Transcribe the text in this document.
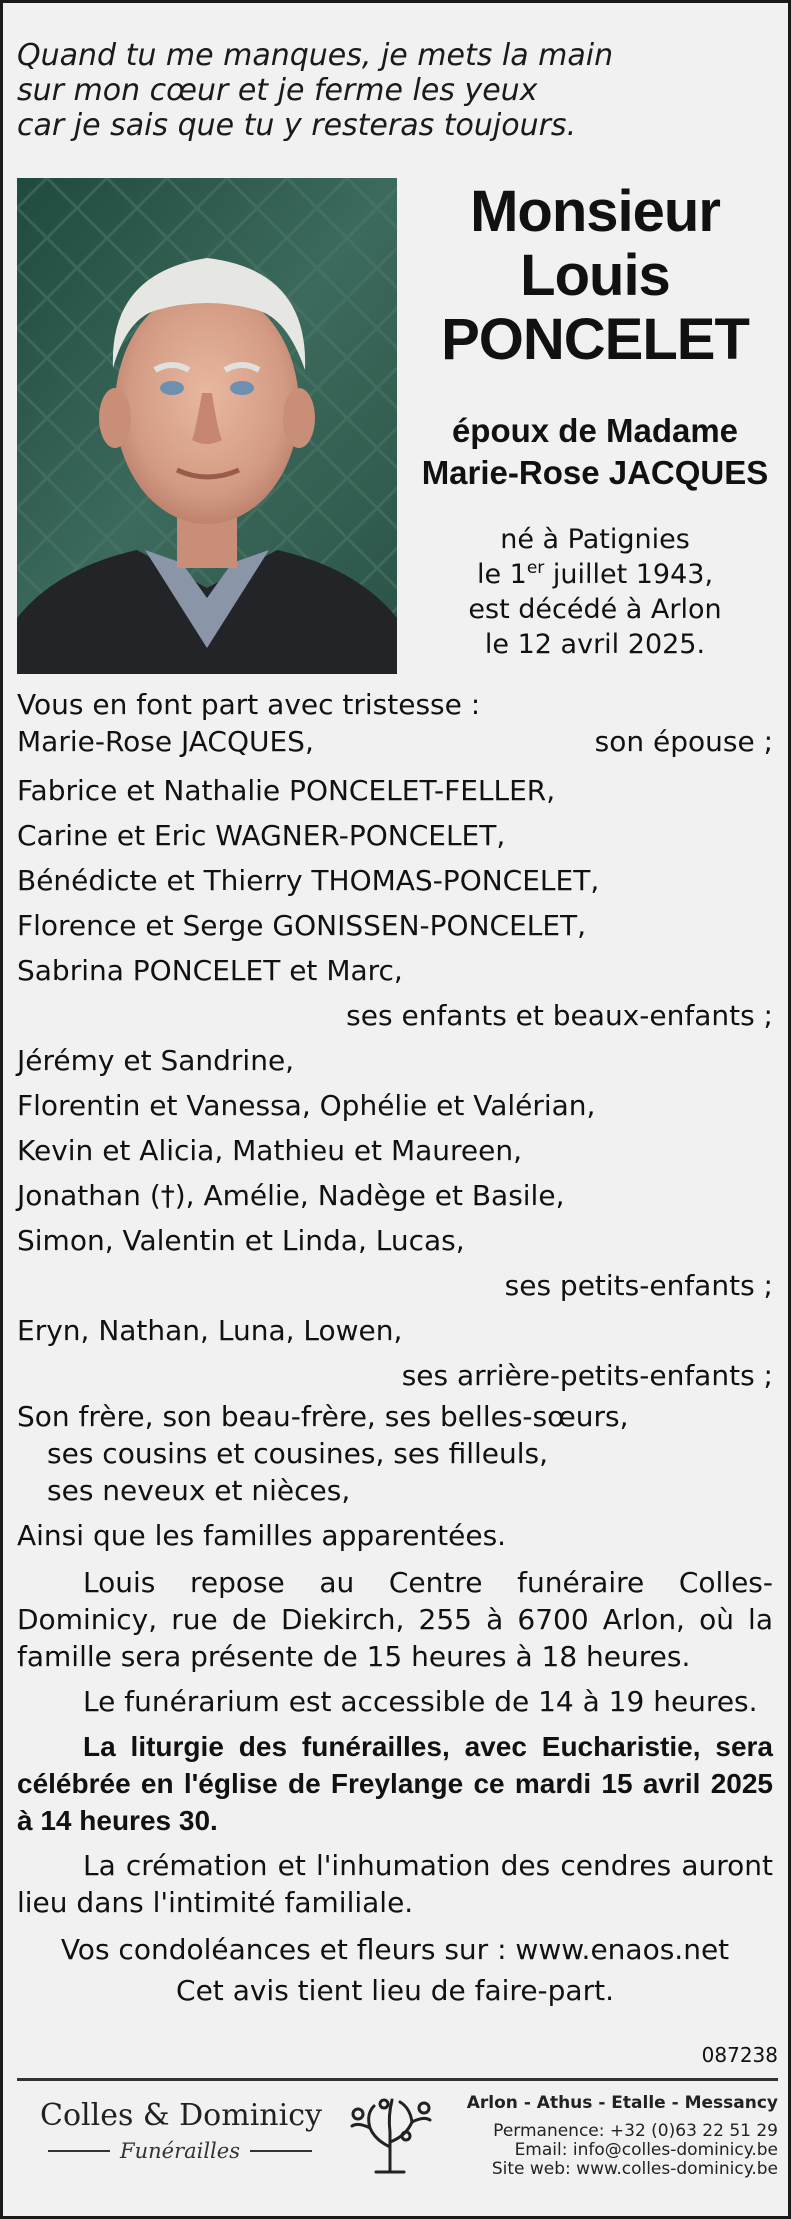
Quand tu me manques, je mets la main
sur mon cœur et je ferme les yeux
car je sais que tu y resteras toujours.
Monsieur
Louis
PONCELET
époux de Madame
Marie-Rose JACQUES
né à Patignies
le 1er juillet 1943,
est décédé à Arlon
le 12 avril 2025.
Vous en font part avec tristesse :
Marie-Rose JACQUES,	son épouse ;
Fabrice et Nathalie PONCELET-FELLER,
Carine et Eric WAGNER-PONCELET,
Bénédicte et Thierry THOMAS-PONCELET,
Florence et Serge GONISSEN-PONCELET,
Sabrina PONCELET et Marc,
ses enfants et beaux-enfants ;
Jérémy et Sandrine,
Florentin et Vanessa, Ophélie et Valérian,
Kevin et Alicia, Mathieu et Maureen,
Jonathan (†), Amélie, Nadège et Basile,
Simon, Valentin et Linda, Lucas,
ses petits-enfants ;
Eryn, Nathan, Luna, Lowen,
ses arrière-petits-enfants ;
Son frère, son beau-frère, ses belles-sœurs,
ses cousins et cousines, ses filleuls,
ses neveux et nièces,
Ainsi que les familles apparentées.
Louis repose au Centre funéraire Colles-Dominicy, rue de Diekirch, 255 à 6700 Arlon, où la famille sera présente de 15 heures à 18 heures.
Le funérarium est accessible de 14 à 19 heures.
La liturgie des funérailles, avec Eucharistie, sera célébrée en l'église de Freylange ce mardi 15 avril 2025 à 14 heures 30.
La crémation et l'inhumation des cendres auront lieu dans l'intimité familiale.
Vos condoléances et fleurs sur : www.enaos.net
Cet avis tient lieu de faire-part.
087238
Colles & Dominicy
Funérailles
Arlon - Athus - Etalle - Messancy
Permanence: +32 (0)63 22 51 29
Email: info@colles-dominicy.be
Site web: www.colles-dominicy.be
